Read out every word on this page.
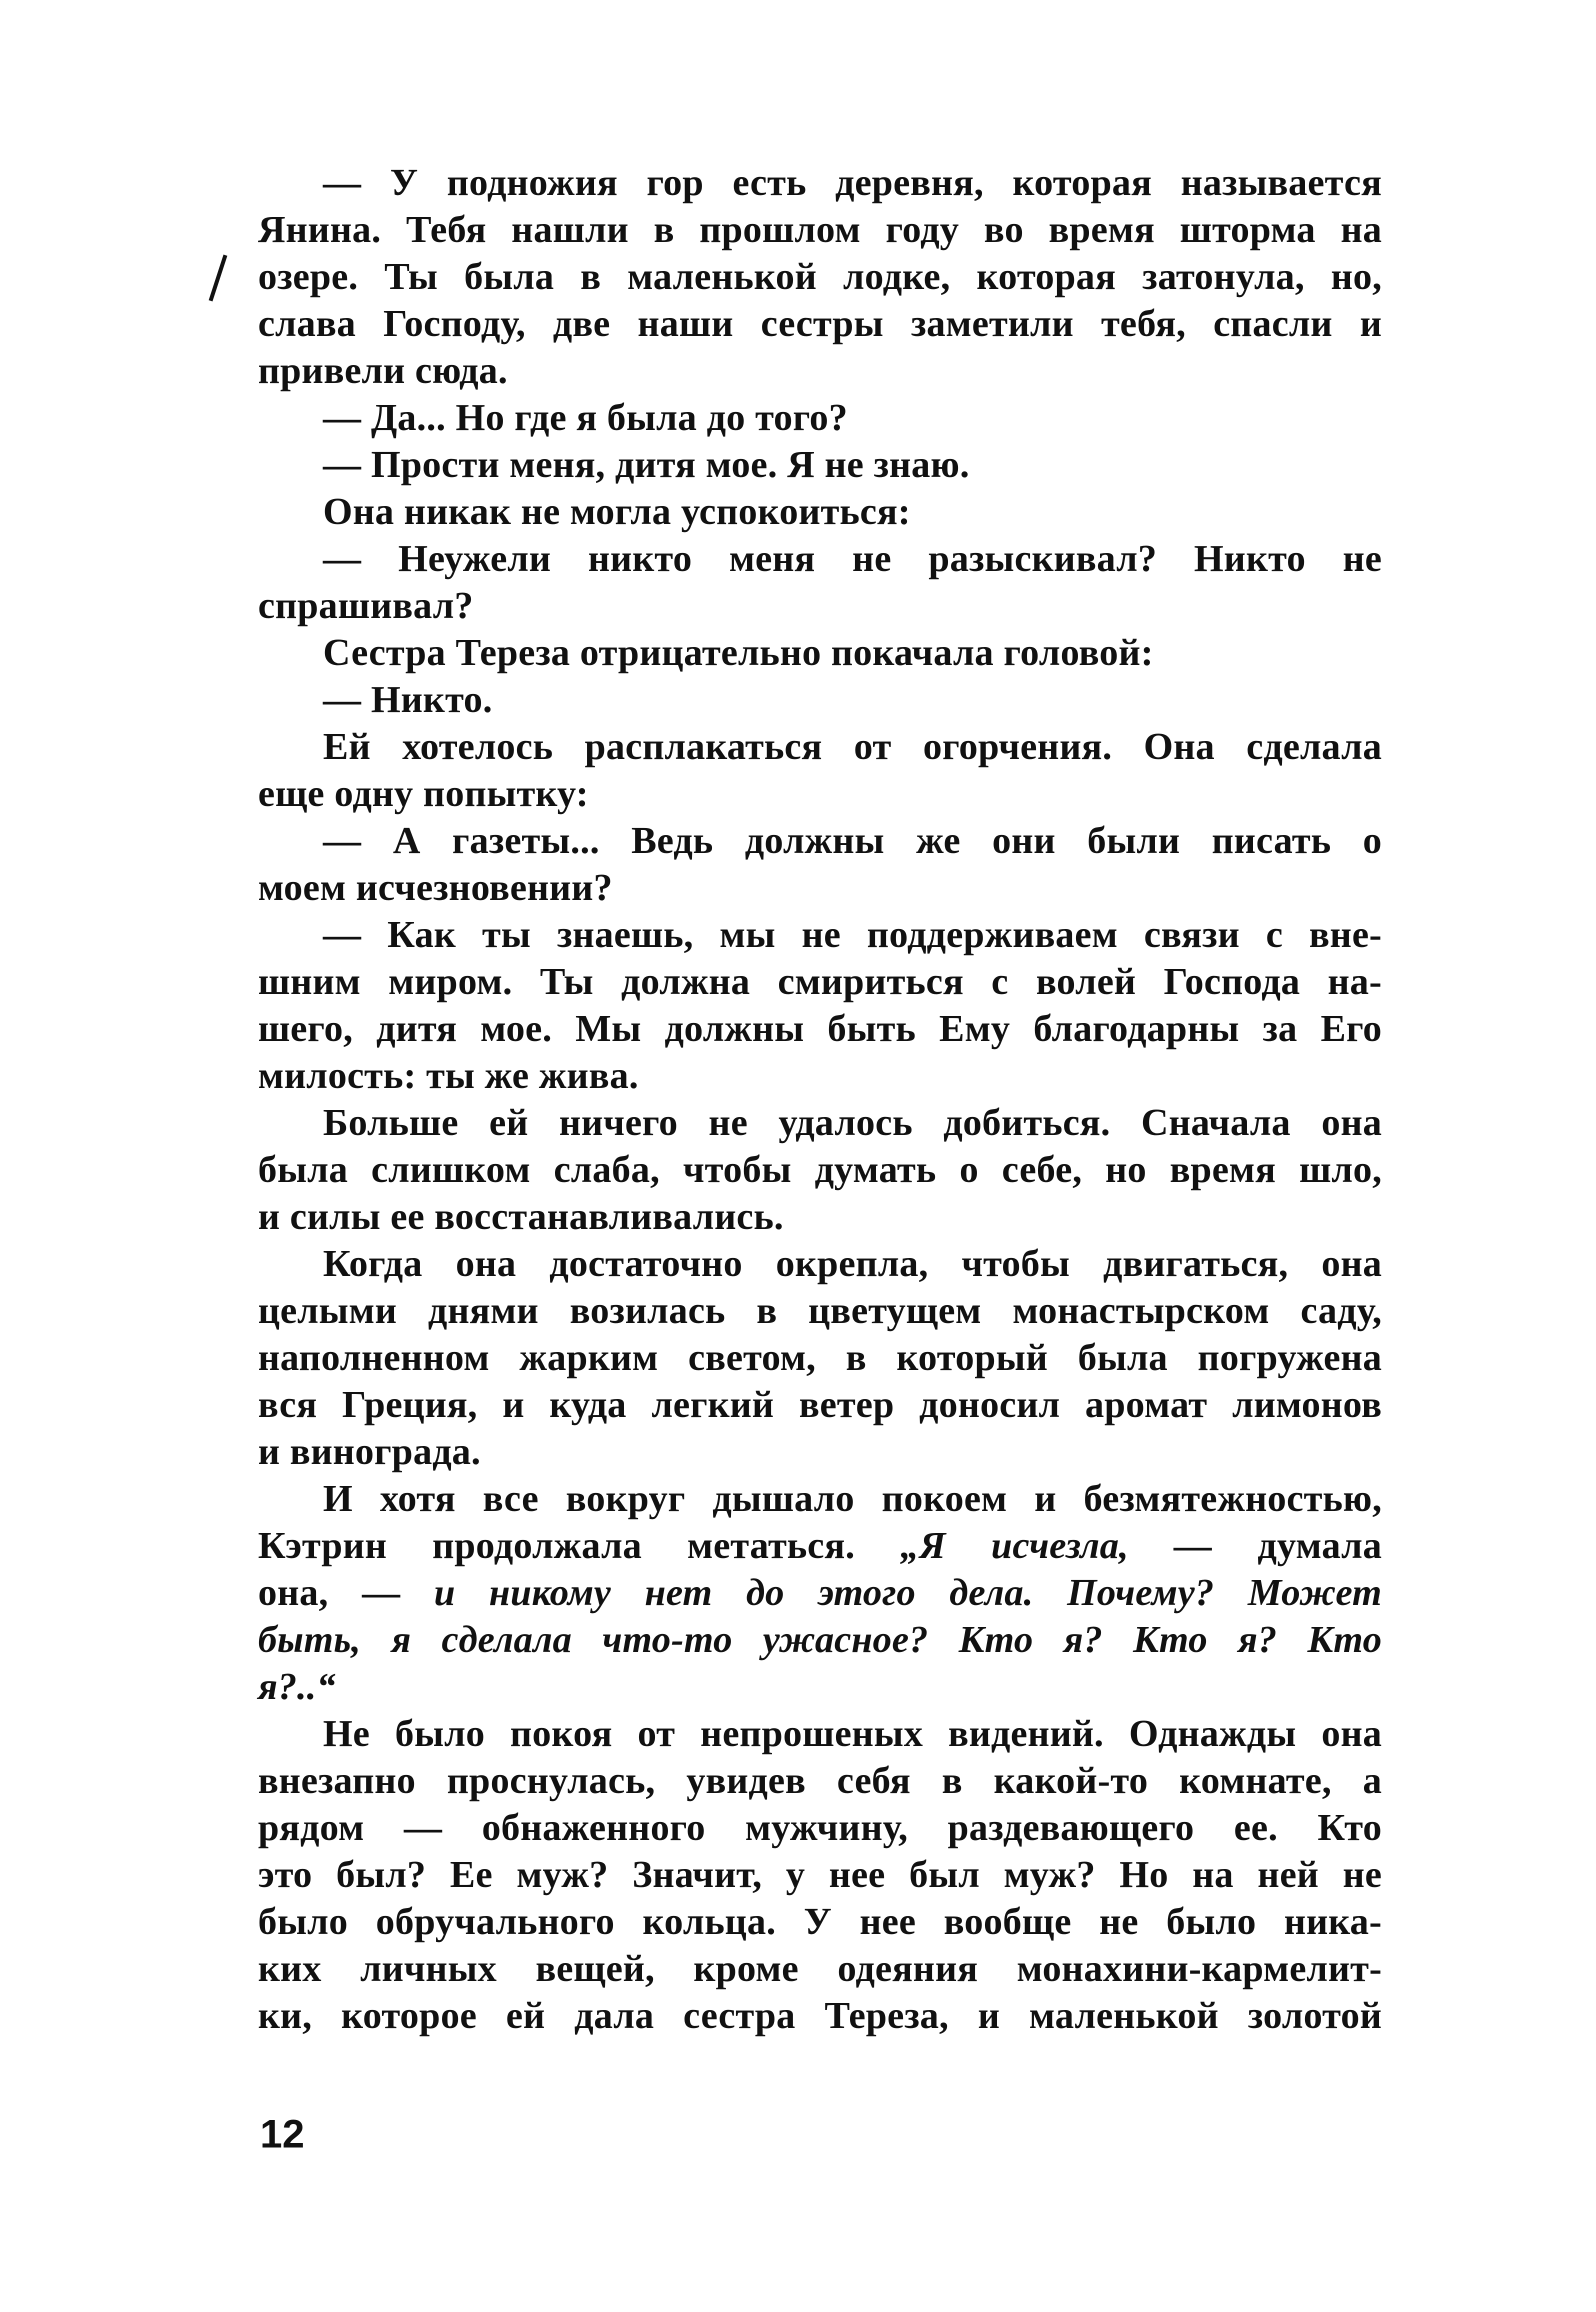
— У подножия гор есть деревня, которая называется
Янина. Тебя нашли в прошлом году во время шторма на
озере. Ты была в маленькой лодке, которая затонула, но,
слава Господу, две наши сестры заметили тебя, спасли и
привели сюда.
— Да... Но где я была до того?
— Прости меня, дитя мое. Я не знаю.
Она никак не могла успокоиться:
— Неужели никто меня не разыскивал? Никто не
спрашивал?
Сестра Тереза отрицательно покачала головой:
— Никто.
Ей хотелось расплакаться от огорчения. Она сделала
еще одну попытку:
— А газеты... Ведь должны же они были писать о
моем исчезновении?
— Как ты знаешь, мы не поддерживаем связи с вне-
шним миром. Ты должна смириться с волей Господа на-
шего, дитя мое. Мы должны быть Ему благодарны за Его
милость: ты же жива.
Больше ей ничего не удалось добиться. Сначала она
была слишком слаба, чтобы думать о себе, но время шло,
и силы ее восстанавливались.
Когда она достаточно окрепла, чтобы двигаться, она
целыми днями возилась в цветущем монастырском саду,
наполненном жарким светом, в который была погружена
вся Греция, и куда легкий ветер доносил аромат лимонов
и винограда.
И хотя все вокруг дышало покоем и безмятежностью,
Кэтрин продолжала метаться. „Я исчезла, — думала
она, — и никому нет до этого дела. Почему? Может
быть, я сделала что-то ужасное? Кто я? Кто я? Кто
я?..“
Не было покоя от непрошеных видений. Однажды она
внезапно проснулась, увидев себя в какой-то комнате, а
рядом — обнаженного мужчину, раздевающего ее. Кто
это был? Ее муж? Значит, у нее был муж? Но на ней не
было обручального кольца. У нее вообще не было ника-
ких личных вещей, кроме одеяния монахини-кармелит-
ки, которое ей дала сестра Тереза, и маленькой золотой
12
